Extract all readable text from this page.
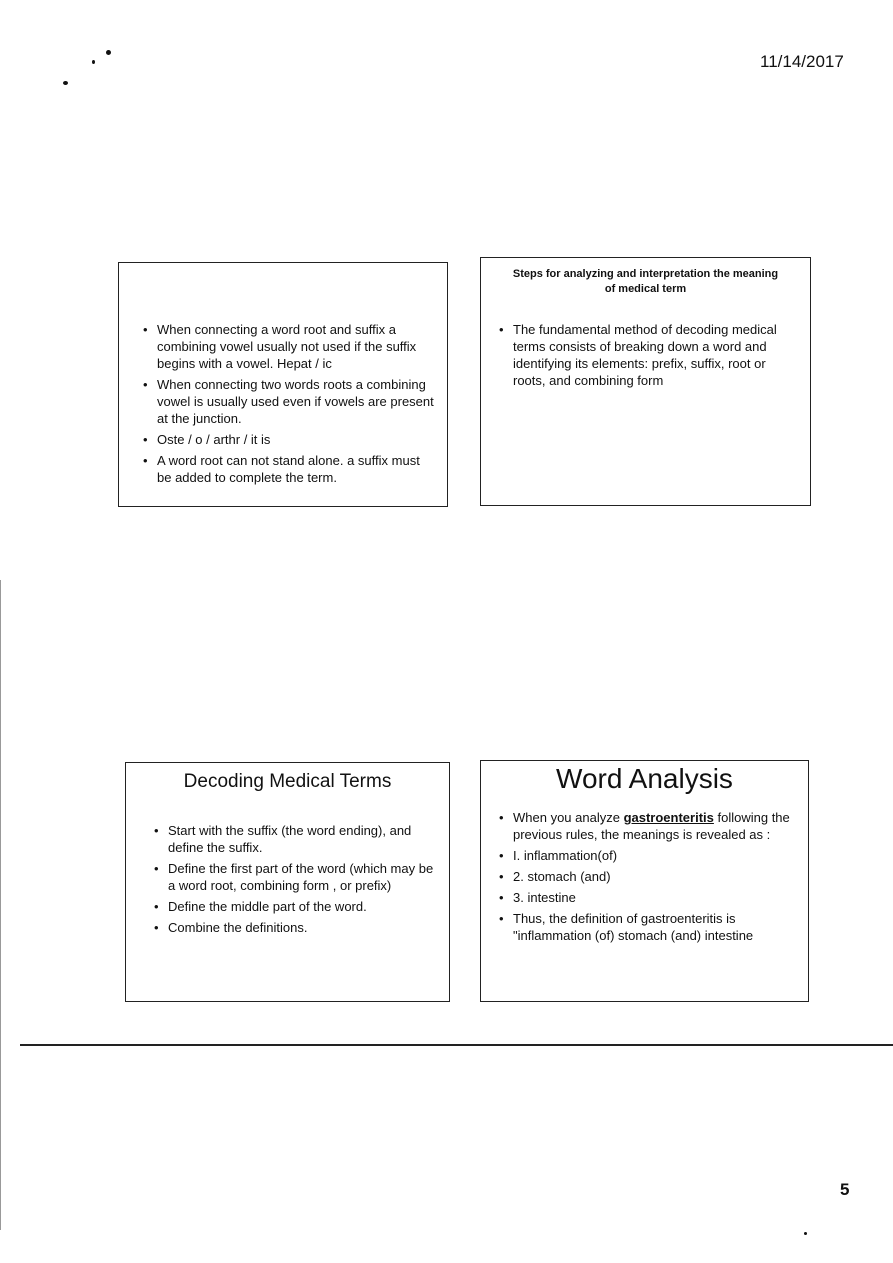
11/14/2017
• When connecting a word root and suffix a combining vowel usually not used if the suffix begins with a vowel. Hepat / ic
• When connecting two words roots a combining vowel is usually used even if vowels are present at the junction.
• Oste / o / arthr / it is
• A word root can not stand alone. a suffix must be added to complete the term.
Steps for analyzing and interpretation the meaning of medical term
• The fundamental method of decoding medical terms consists of breaking down a word and identifying its elements: prefix, suffix, root or roots, and combining form
Decoding Medical Terms
• Start with the suffix (the word ending), and define the suffix.
• Define the first part of the word (which may be a word root, combining form , or prefix)
• Define the middle part of the word.
• Combine the definitions.
Word Analysis
• When you analyze gastroenteritis following the previous rules, the meanings is revealed as :
• I. inflammation(of)
• 2. stomach (and)
• 3. intestine
• Thus, the definition of gastroenteritis is "inflammation (of) stomach (and) intestine
5
